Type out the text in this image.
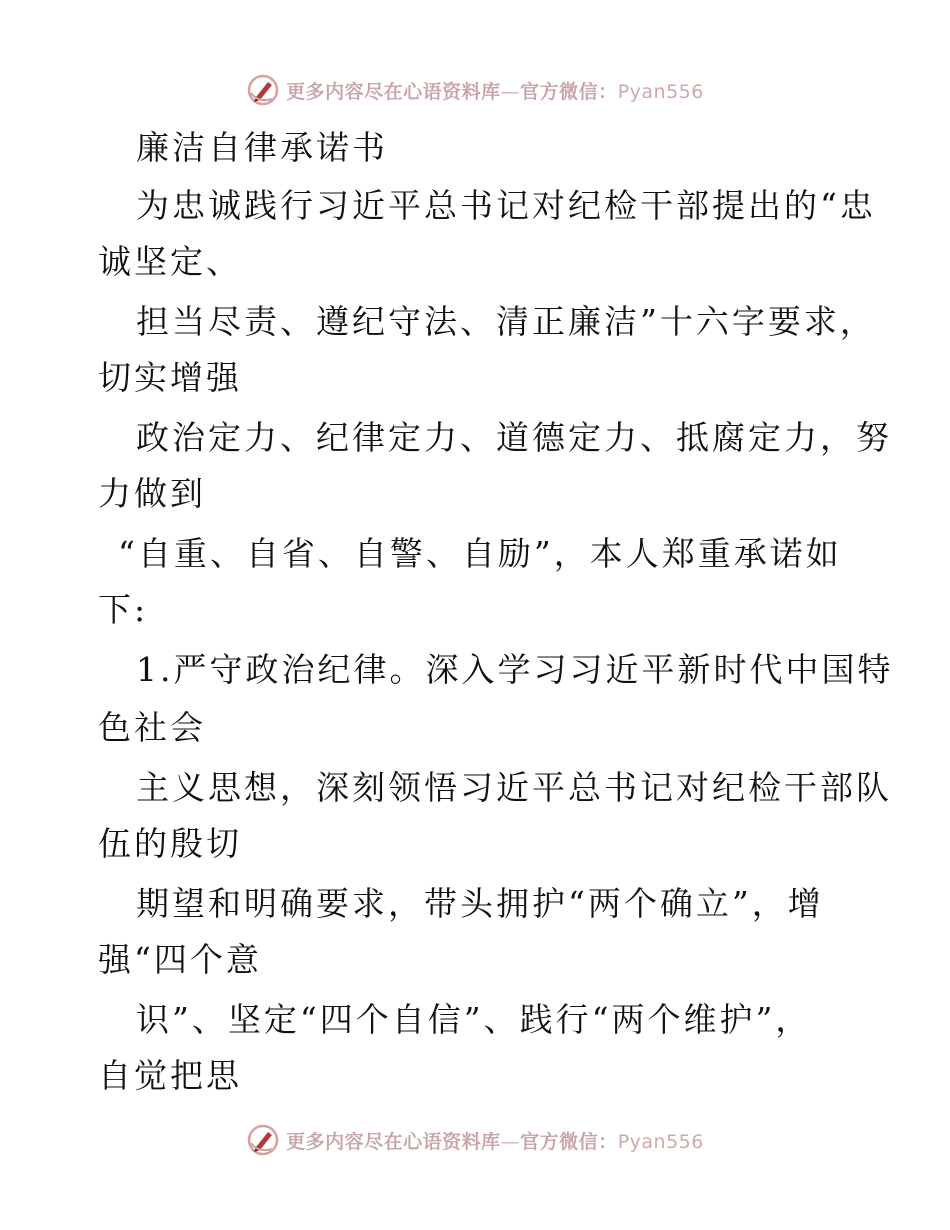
更多内容尽在心语资料库—官方微信：Pyan556
廉洁自律承诺书
为忠诚践行习近平总书记对纪检干部提出的“忠
诚坚定、
担当尽责、遵纪守法、清正廉洁”十六字要求，
切实增强
政治定力、纪律定力、道德定力、抵腐定力，努
力做到
“自重、自省、自警、自励”，本人郑重承诺如
下:
1.严守政治纪律。深入学习习近平新时代中国特
色社会
主义思想，深刻领悟习近平总书记对纪检干部队
伍的殷切
期望和明确要求，带头拥护“两个确立”，增
强“四个意
识”、坚定“四个自信”、践行“两个维护”，
自觉把思
更多内容尽在心语资料库—官方微信：Pyan556
